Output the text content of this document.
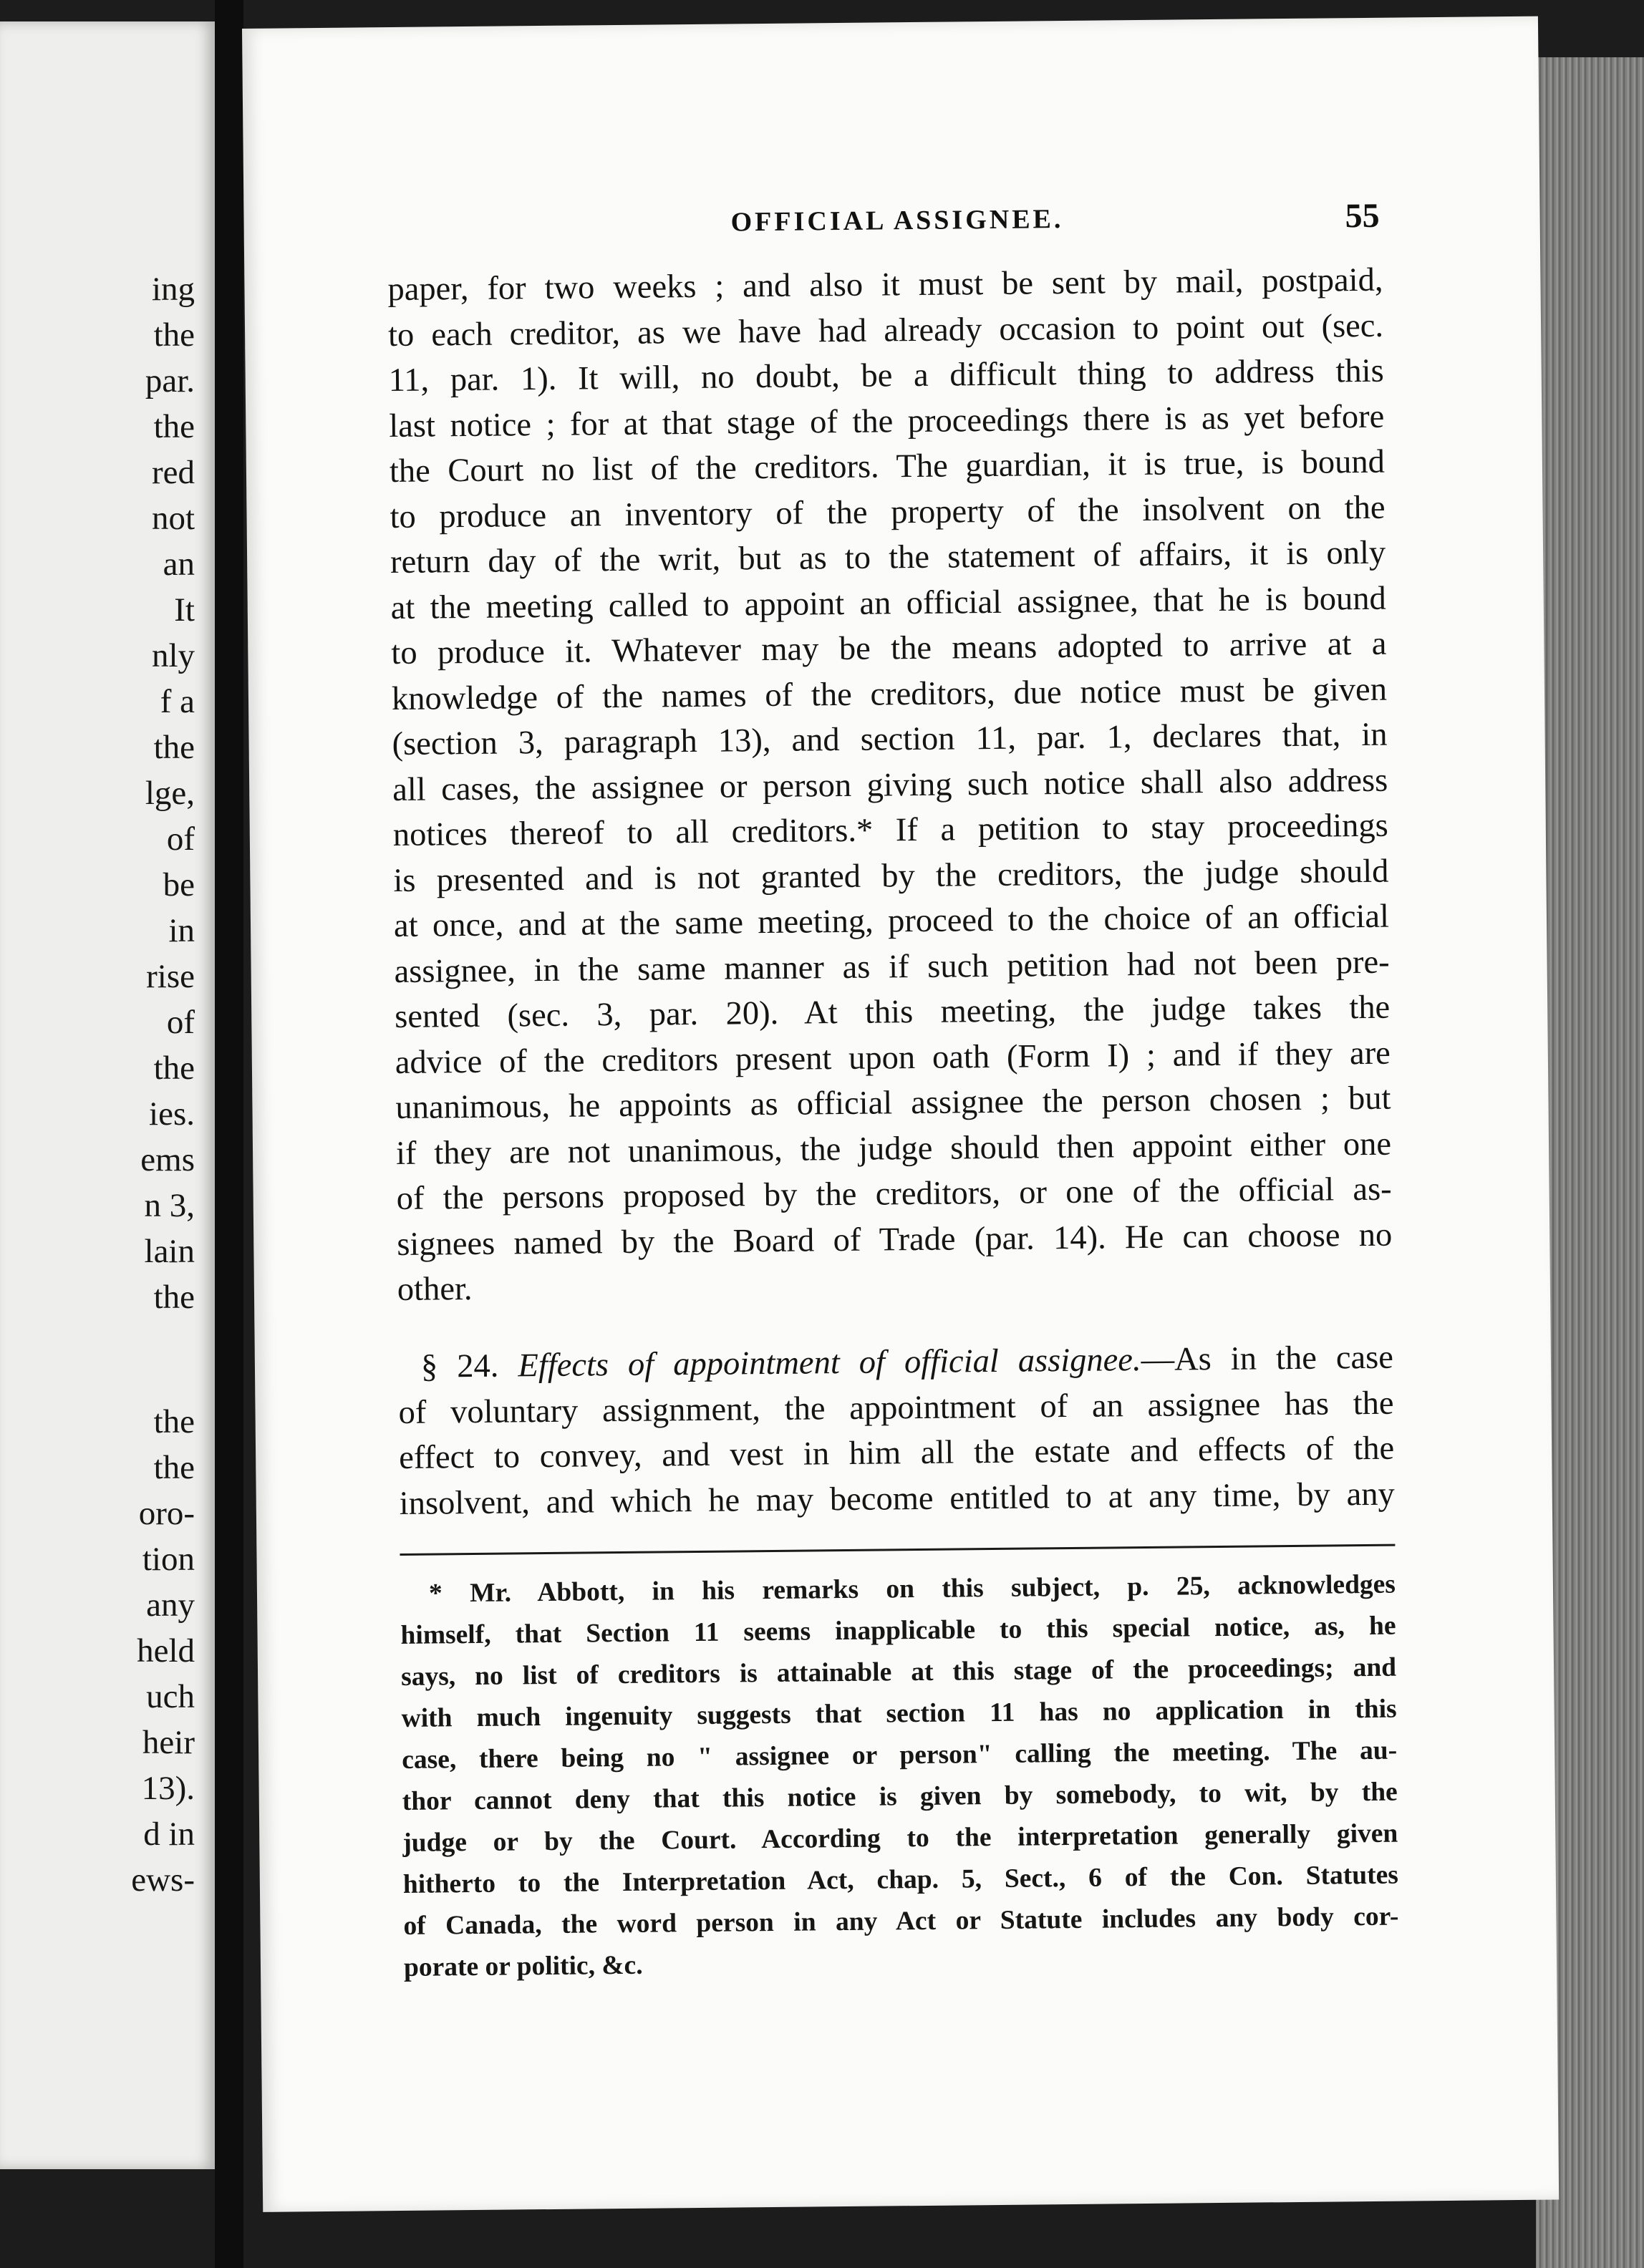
ing
the
par.
the
red
not
an
It
nly
f a
the
lge,
of
be
in
rise
of
the
ies.
ems
n 3,
lain
the
the
the
oro-
tion
any
held
uch
heir
13).
d in
ews-
OFFICIAL ASSIGNEE.	55
paper, for two weeks ; and also it must be sent by mail, postpaid,
to each creditor, as we have had already occasion to point out (sec.
11, par. 1). It will, no doubt, be a difficult thing to address this
last notice ; for at that stage of the proceedings there is as yet before
the Court no list of the creditors. The guardian, it is true, is bound
to produce an inventory of the property of the insolvent on the
return day of the writ, but as to the statement of affairs, it is only
at the meeting called to appoint an official assignee, that he is bound
to produce it. Whatever may be the means adopted to arrive at a
knowledge of the names of the creditors, due notice must be given
(section 3, paragraph 13), and section 11, par. 1, declares that, in
all cases, the assignee or person giving such notice shall also address
notices thereof to all creditors.* If a petition to stay proceedings
is presented and is not granted by the creditors, the judge should
at once, and at the same meeting, proceed to the choice of an official
assignee, in the same manner as if such petition had not been pre-
sented (sec. 3, par. 20). At this meeting, the judge takes the
advice of the creditors present upon oath (Form I) ; and if they are
unanimous, he appoints as official assignee the person chosen ; but
if they are not unanimous, the judge should then appoint either one
of the persons proposed by the creditors, or one of the official as-
signees named by the Board of Trade (par. 14). He can choose no
other.
§ 24. Effects of appointment of official assignee.—As in the case
of voluntary assignment, the appointment of an assignee has the
effect to convey, and vest in him all the estate and effects of the
insolvent, and which he may become entitled to at any time, by any
* Mr. Abbott, in his remarks on this subject, p. 25, acknowledges
himself, that Section 11 seems inapplicable to this special notice, as, he
says, no list of creditors is attainable at this stage of the proceedings; and
with much ingenuity suggests that section 11 has no application in this
case, there being no " assignee or person" calling the meeting. The au-
thor cannot deny that this notice is given by somebody, to wit, by the
judge or by the Court. According to the interpretation generally given
hitherto to the Interpretation Act, chap. 5, Sect., 6 of the Con. Statutes
of Canada, the word person in any Act or Statute includes any body cor-
porate or politic, &c.
